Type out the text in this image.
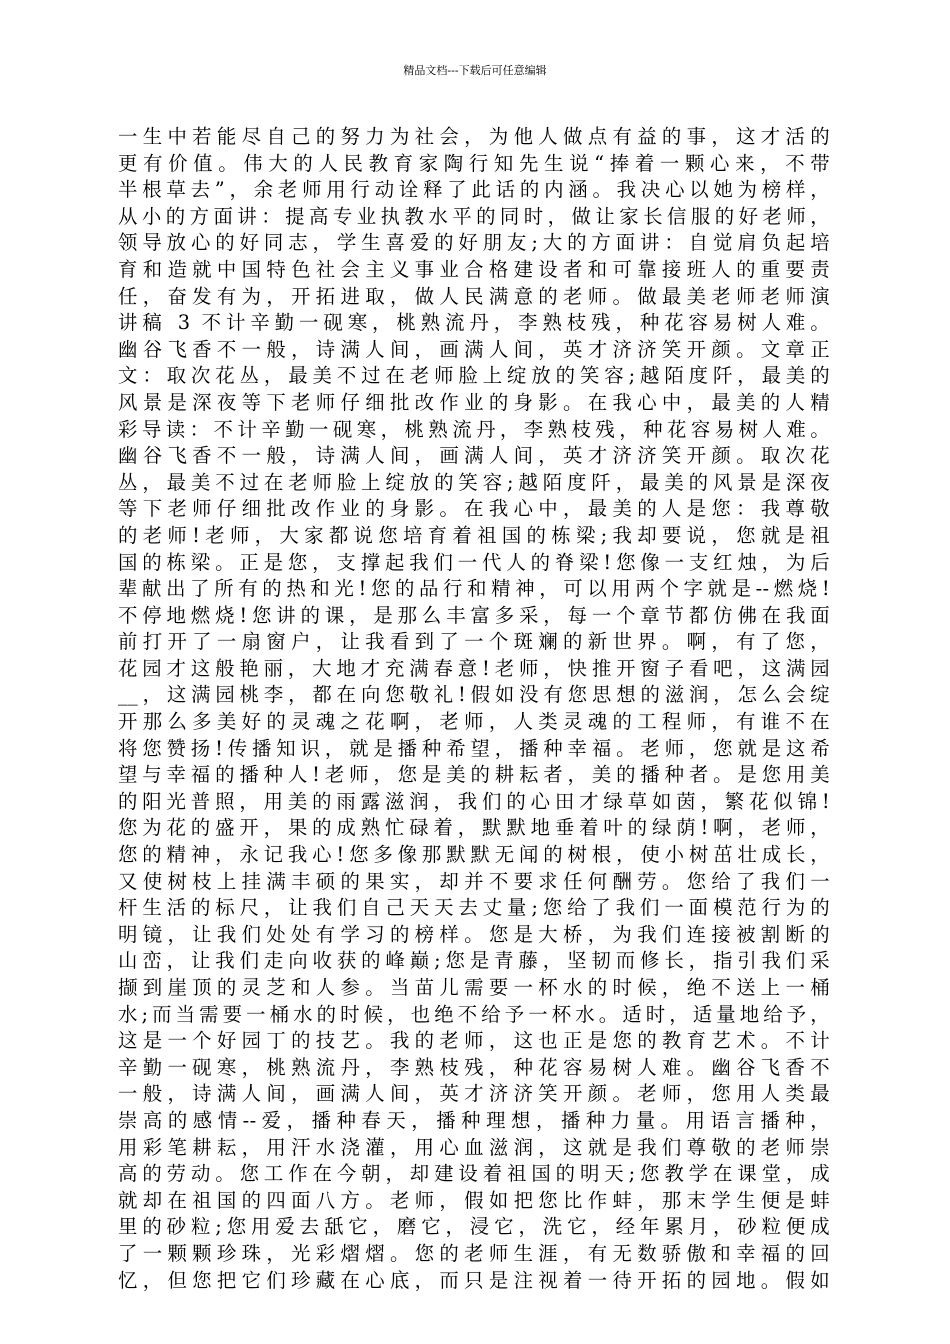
精品文档---下载后可任意编辑
一生中若能尽自己的努力为社会，为他人做点有益的事，这才活的
更有价值。伟大的人民教育家陶行知先生说“捧着一颗心来，不带
半根草去”，余老师用行动诠释了此话的内涵。我决心以她为榜样，
从小的方面讲：提高专业执教水平的同时，做让家长信服的好老师，
领导放心的好同志，学生喜爱的好朋友;大的方面讲：自觉肩负起培
育和造就中国特色社会主义事业合格建设者和可靠接班人的重要责
任，奋发有为，开拓进取，做人民满意的老师。做最美老师老师演
讲稿 3 不计辛勤一砚寒，桃熟流丹，李熟枝残，种花容易树人难。
幽谷飞香不一般，诗满人间，画满人间，英才济济笑开颜。文章正
文：取次花丛，最美不过在老师脸上绽放的笑容;越陌度阡，最美的
风景是深夜等下老师仔细批改作业的身影。在我心中，最美的人精
彩导读：不计辛勤一砚寒，桃熟流丹，李熟枝残，种花容易树人难。
幽谷飞香不一般，诗满人间，画满人间，英才济济笑开颜。取次花
丛，最美不过在老师脸上绽放的笑容;越陌度阡，最美的风景是深夜
等下老师仔细批改作业的身影。在我心中，最美的人是您：我尊敬
的老师!老师，大家都说您培育着祖国的栋梁;我却要说，您就是祖
国的栋梁。正是您，支撑起我们一代人的脊梁!您像一支红烛，为后
辈献出了所有的热和光!您的品行和精神，可以用两个字就是--燃烧!
不停地燃烧!您讲的课，是那么丰富多采，每一个章节都仿佛在我面
前打开了一扇窗户，让我看到了一个斑斓的新世界。啊，有了您，
花园才这般艳丽，大地才充满春意!老师，快推开窗子看吧，这满园
__，这满园桃李，都在向您敬礼!假如没有您思想的滋润，怎么会绽
开那么多美好的灵魂之花啊，老师，人类灵魂的工程师，有谁不在
将您赞扬!传播知识，就是播种希望，播种幸福。老师，您就是这希
望与幸福的播种人!老师，您是美的耕耘者，美的播种者。是您用美
的阳光普照，用美的雨露滋润，我们的心田才绿草如茵，繁花似锦!
您为花的盛开，果的成熟忙碌着，默默地垂着叶的绿荫!啊，老师，
您的精神，永记我心!您多像那默默无闻的树根，使小树茁壮成长，
又使树枝上挂满丰硕的果实，却并不要求任何酬劳。您给了我们一
杆生活的标尺，让我们自己天天去丈量;您给了我们一面模范行为的
明镜，让我们处处有学习的榜样。您是大桥，为我们连接被割断的
山峦，让我们走向收获的峰巅;您是青藤，坚韧而修长，指引我们采
撷到崖顶的灵芝和人参。当苗儿需要一杯水的时候，绝不送上一桶
水;而当需要一桶水的时候，也绝不给予一杯水。适时，适量地给予，
这是一个好园丁的技艺。我的老师，这也正是您的教育艺术。不计
辛勤一砚寒，桃熟流丹，李熟枝残，种花容易树人难。幽谷飞香不
一般，诗满人间，画满人间，英才济济笑开颜。老师，您用人类最
崇高的感情--爱，播种春天，播种理想，播种力量。用语言播种，
用彩笔耕耘，用汗水浇灌，用心血滋润，这就是我们尊敬的老师崇
高的劳动。您工作在今朝，却建设着祖国的明天;您教学在课堂，成
就却在祖国的四面八方。老师，假如把您比作蚌，那末学生便是蚌
里的砂粒;您用爱去舐它，磨它，浸它，洗它，经年累月，砂粒便成
了一颗颗珍珠，光彩熠熠。您的老师生涯，有无数骄傲和幸福的回
忆，但您把它们珍藏在心底，而只是注视着一待开拓的园地。假如
